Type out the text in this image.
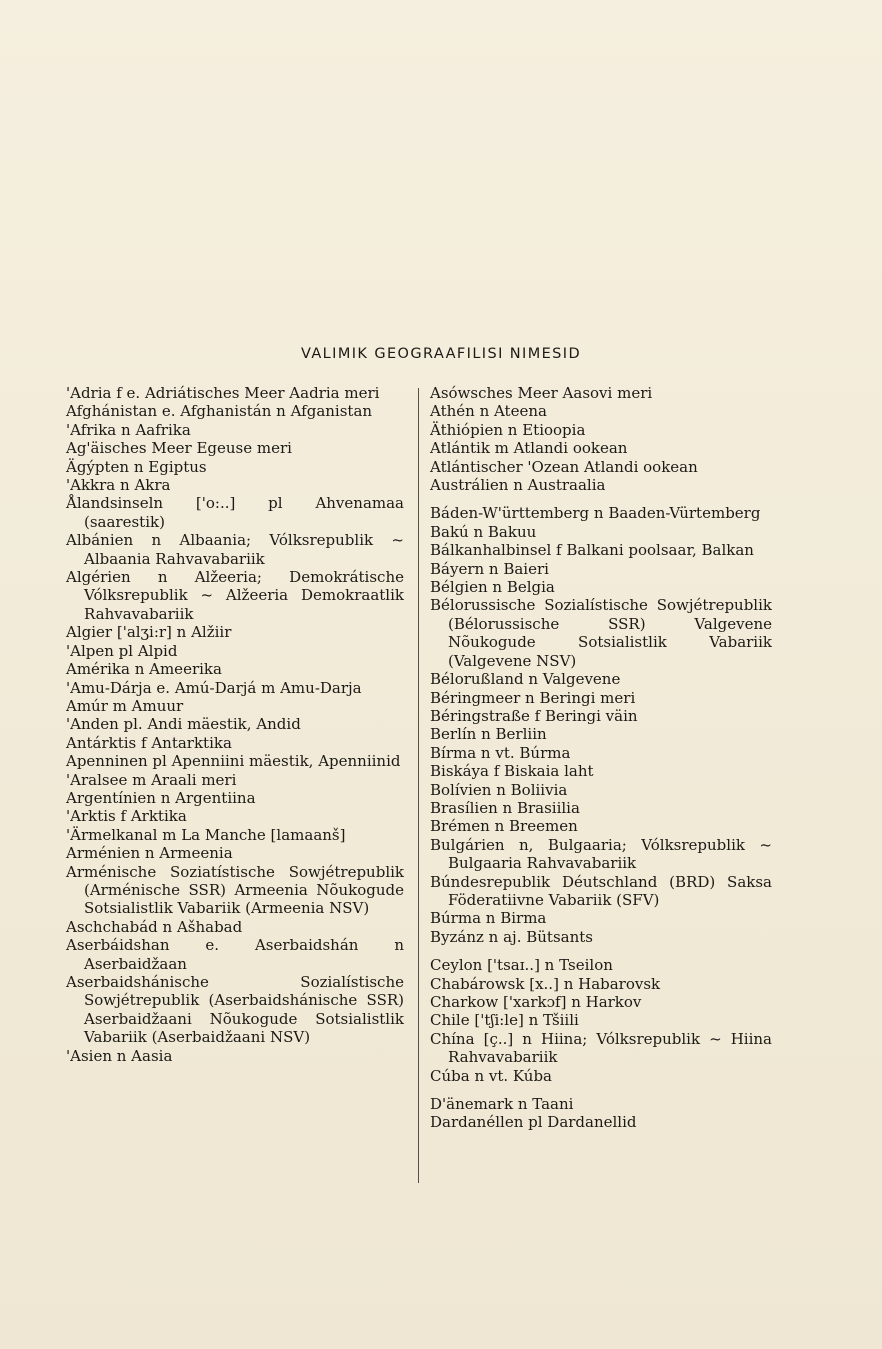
VALIMIK GEOGRAAFILISI NIMESID
'Adria f e. Adriátisches Meer Aadria meri
Afghánistan e. Afghanistán n Afganistan
'Afrika n Aafrika
Ag'äisches Meer Egeuse meri
Ägýpten n Egiptus
'Akkra n Akra
Ålandsinseln ['o:..] pl Ahvenamaa (saarestik)
Albánien n Albaania; Vólksrepublik ~ Albaania Rahvavabariik
Algérien n Alžeeria; Demokrátische Vólksrepublik ~ Alžeeria Demokraatlik Rahvavabariik
Algier ['alʒi:r] n Alžiir
'Alpen pl Alpid
Amérika n Ameerika
'Amu-Dárja e. Amú-Darjá m Amu-Darja
Amúr m Amuur
'Anden pl. Andi mäestik, Andid
Antárktis f Antarktika
Apenninen pl Apenniini mäestik, Apenniinid
'Aralsee m Araali meri
Argentínien n Argentiina
'Arktis f Arktika
'Ärmelkanal m La Manche [lamaanš]
Arménien n Armeenia
Arménische Soziatístische Sowjétrepublik (Arménische SSR) Armeenia Nõukogude Sotsialistlik Vabariik (Armeenia NSV)
Aschchabád n Ašhabad
Aserbáidshan e. Aserbaidshán n Aserbaidžaan
Aserbaidshánische Sozialístische Sowjétrepublik (Aserbaidshánische SSR) Aserbaidžaani Nõukogude Sotsialistlik Vabariik (Aserbaidžaani NSV)
'Asien n Aasia
Asówsches Meer Aasovi meri
Athén n Ateena
Äthiópien n Etioopia
Atlántik m Atlandi ookean
Atlántischer 'Ozean Atlandi ookean
Austrálien n Austraalia
Báden-W'ürttemberg n Baaden-Vürtemberg
Bakú n Bakuu
Bálkanhalbinsel f Balkani poolsaar, Balkan
Báyern n Baieri
Bélgien n Belgia
Bélorussische Sozialístische Sowjétrepublik (Bélorussische SSR) Valgevene Nõukogude Sotsialistlik Vabariik (Valgevene NSV)
Bélorußland n Valgevene
Béringmeer n Beringi meri
Béringstraße f Beringi väin
Berlín n Berliin
Bírma n vt. Búrma
Biskáya f Biskaia laht
Bolívien n Boliivia
Brasílien n Brasiilia
Brémen n Breemen
Bulgárien n, Bulgaaria; Vólksrepublik ~ Bulgaaria Rahvavabariik
Búndesrepublik Déutschland (BRD) Saksa Föderatiivne Vabariik (SFV)
Búrma n Birma
Byzánz n aj. Bütsants
Ceylon ['tsaɪ..] n Tseilon
Chabárowsk [x..] n Habarovsk
Charkow ['xarkɔf] n Harkov
Chile ['tʃi:le] n Tšiili
Chína [ç..] n Hiina; Vólksrepublik ~ Hiina Rahvavabariik
Cúba n vt. Kúba
D'änemark n Taani
Dardanéllen pl Dardanellid
